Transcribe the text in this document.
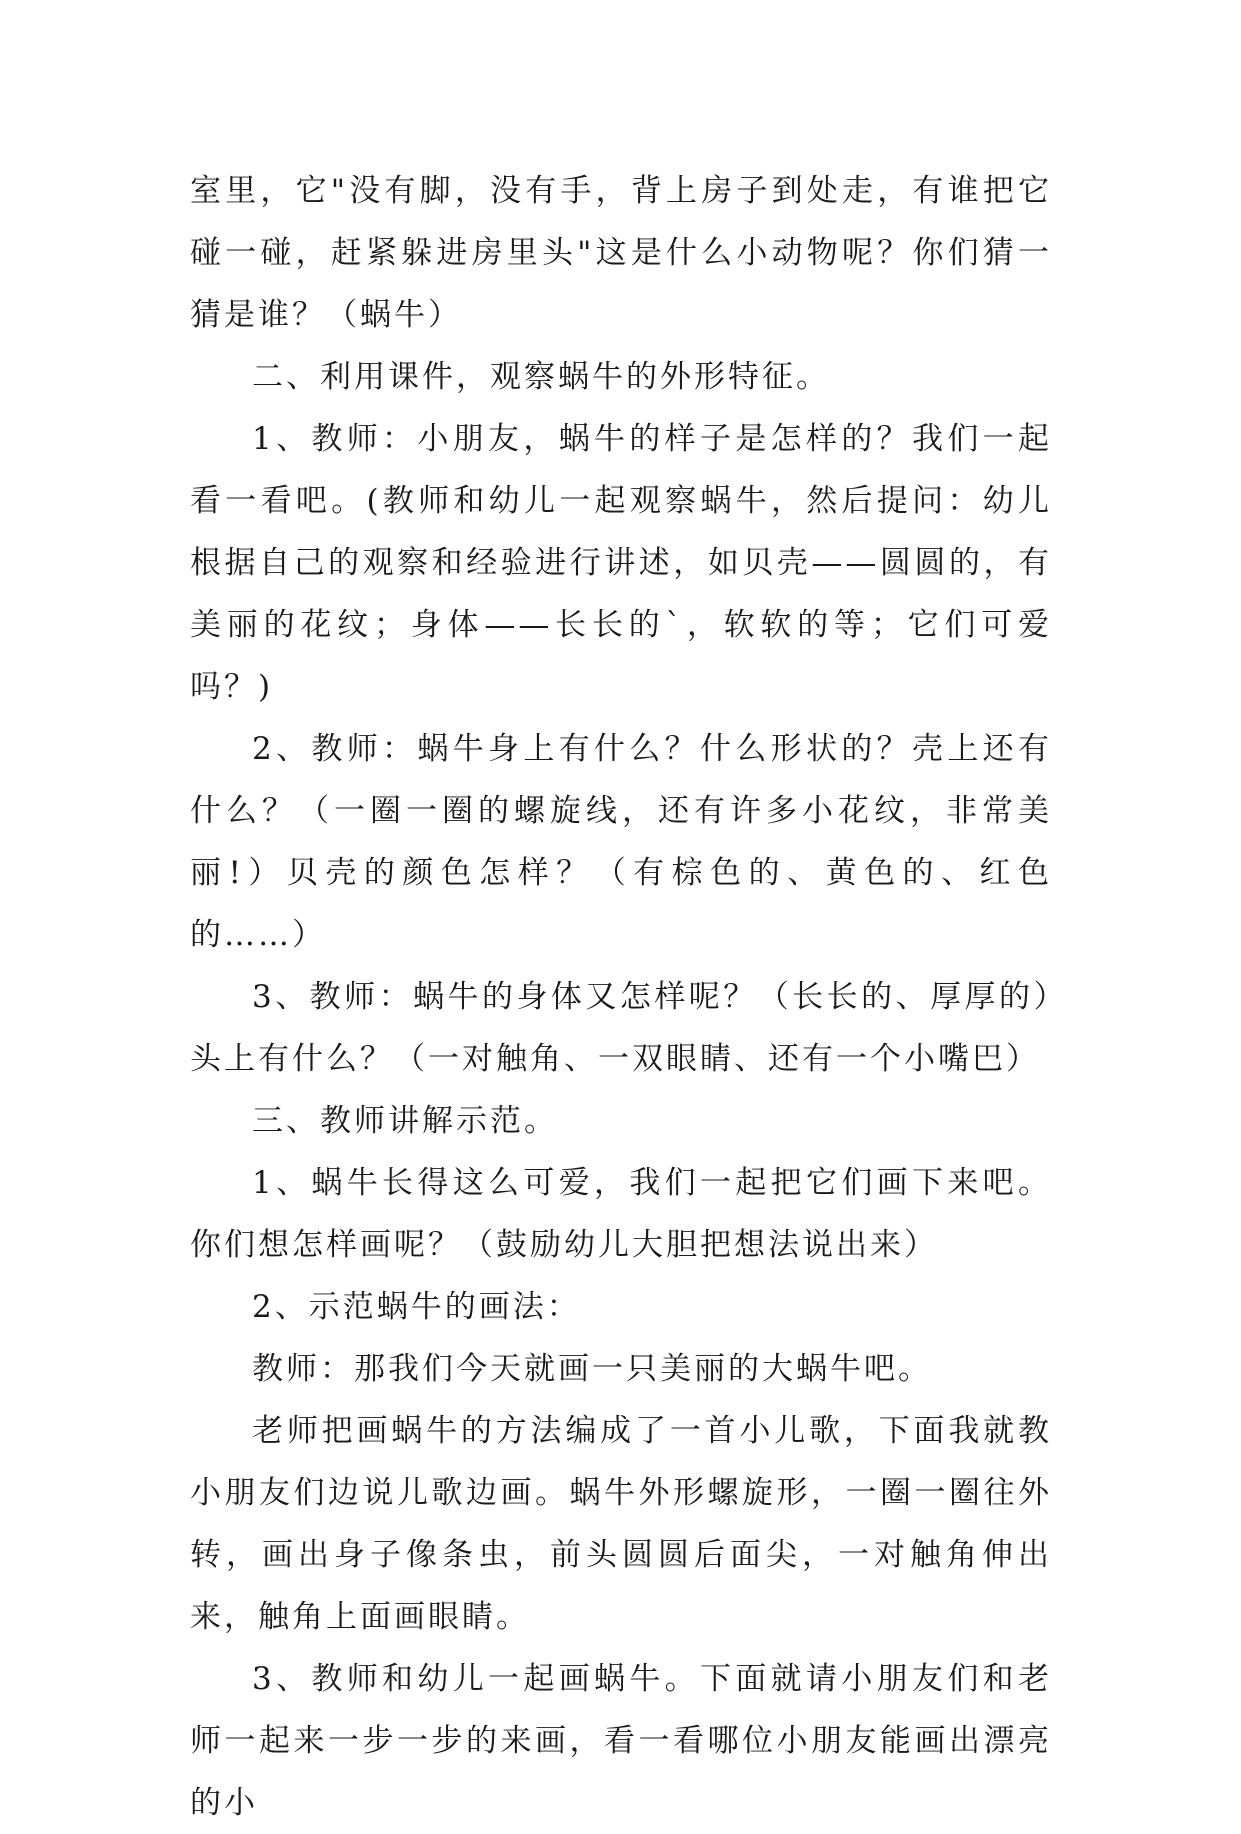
室里，它"没有脚，没有手，背上房子到处走，有谁把它碰一碰，赶紧躲进房里头"这是什么小动物呢？你们猜一猜是谁？（蜗牛）

二、利用课件，观察蜗牛的外形特征。

1、教师：小朋友，蜗牛的样子是怎样的？我们一起看一看吧。(教师和幼儿一起观察蜗牛，然后提问：幼儿根据自己的观察和经验进行讲述，如贝壳——圆圆的，有美丽的花纹；身体——长长的`，软软的等；它们可爱吗？)

2、教师：蜗牛身上有什么？什么形状的？壳上还有什么？（一圈一圈的螺旋线，还有许多小花纹，非常美丽!）贝壳的颜色怎样？（有棕色的、黄色的、红色的……）

3、教师：蜗牛的身体又怎样呢？（长长的、厚厚的）头上有什么？（一对触角、一双眼睛、还有一个小嘴巴）

三、教师讲解示范。

1、蜗牛长得这么可爱，我们一起把它们画下来吧。你们想怎样画呢？（鼓励幼儿大胆把想法说出来）

2、示范蜗牛的画法：

教师：那我们今天就画一只美丽的大蜗牛吧。

老师把画蜗牛的方法编成了一首小儿歌，下面我就教小朋友们边说儿歌边画。蜗牛外形螺旋形，一圈一圈往外转，画出身子像条虫，前头圆圆后面尖，一对触角伸出来，触角上面画眼睛。

3、教师和幼儿一起画蜗牛。下面就请小朋友们和老师一起来一步一步的来画，看一看哪位小朋友能画出漂亮的小
